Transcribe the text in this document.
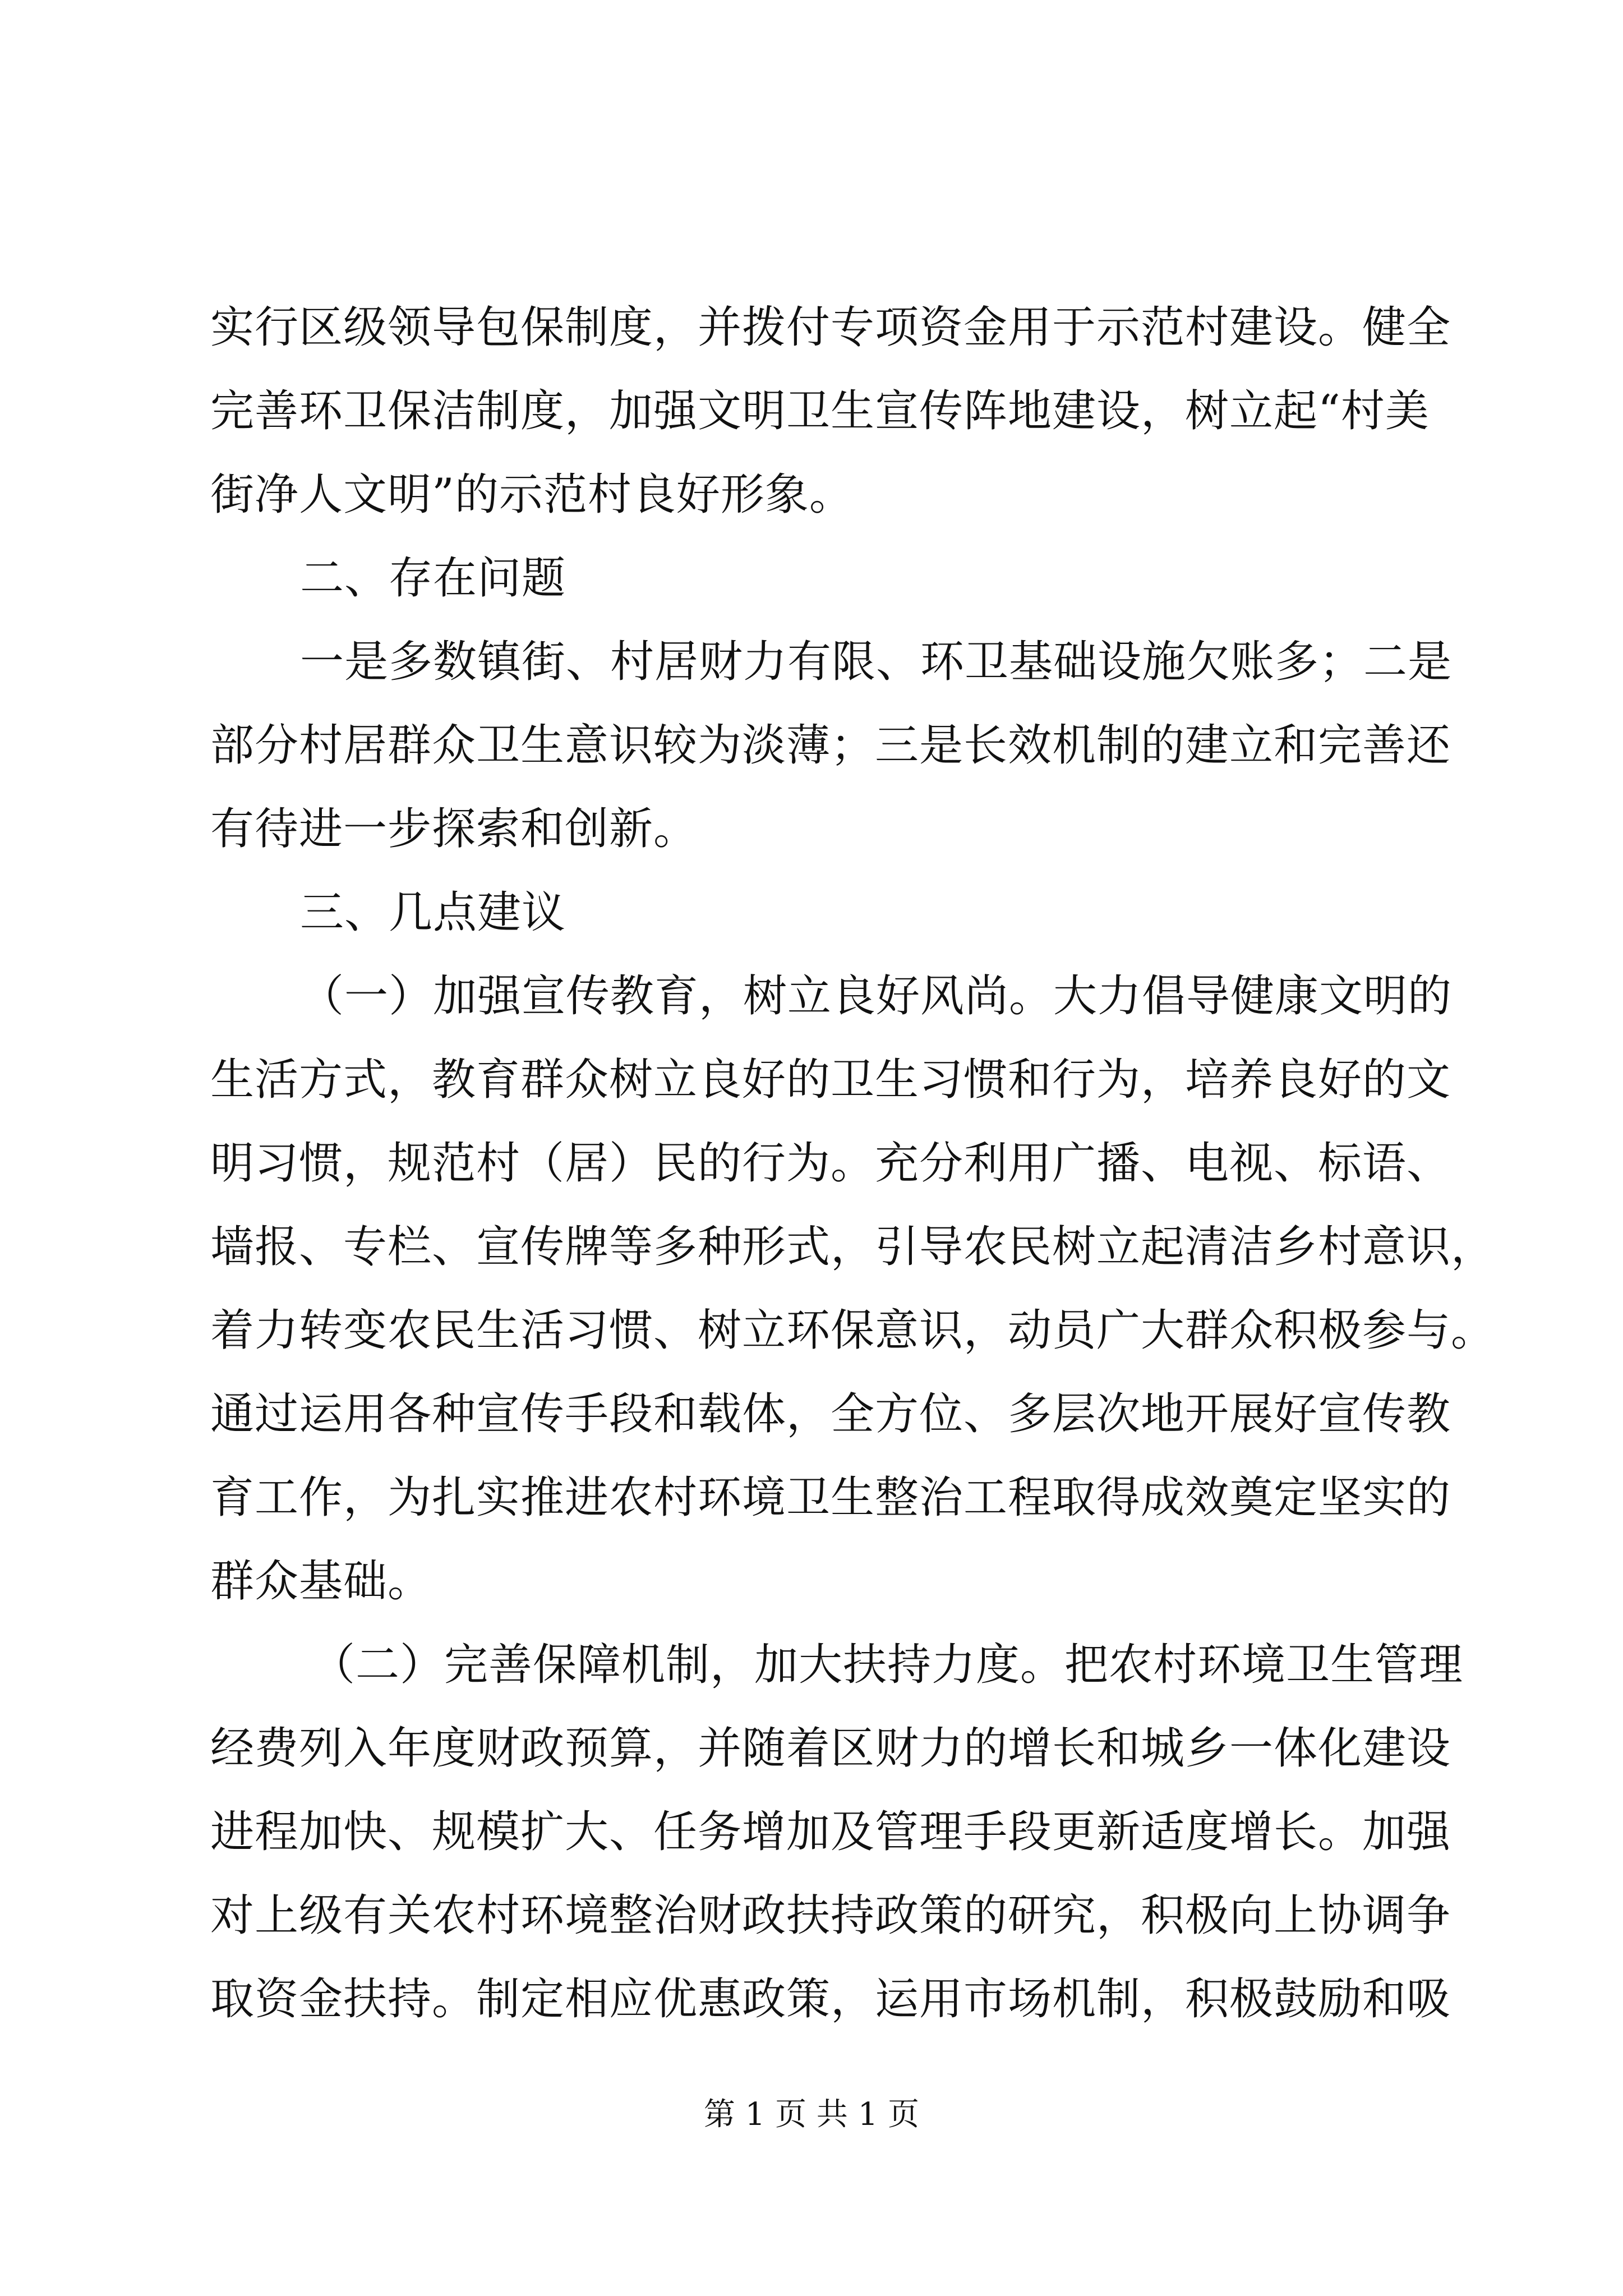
实行区级领导包保制度，并拨付专项资金用于示范村建设。健全
完善环卫保洁制度，加强文明卫生宣传阵地建设，树立起“村美
街净人文明”的示范村良好形象。
二、存在问题
一是多数镇街、村居财力有限、环卫基础设施欠账多；二是
部分村居群众卫生意识较为淡薄；三是长效机制的建立和完善还
有待进一步探索和创新。
三、几点建议
（一）加强宣传教育，树立良好风尚。大力倡导健康文明的
生活方式，教育群众树立良好的卫生习惯和行为，培养良好的文
明习惯，规范村（居）民的行为。充分利用广播、电视、标语、
墙报、专栏、宣传牌等多种形式，引导农民树立起清洁乡村意识，
着力转变农民生活习惯、树立环保意识，动员广大群众积极参与。
通过运用各种宣传手段和载体，全方位、多层次地开展好宣传教
育工作，为扎实推进农村环境卫生整治工程取得成效奠定坚实的
群众基础。
（二）完善保障机制，加大扶持力度。把农村环境卫生管理
经费列入年度财政预算，并随着区财力的增长和城乡一体化建设
进程加快、规模扩大、任务增加及管理手段更新适度增长。加强
对上级有关农村环境整治财政扶持政策的研究，积极向上协调争
取资金扶持。制定相应优惠政策，运用市场机制，积极鼓励和吸
第 1 页 共 1 页
